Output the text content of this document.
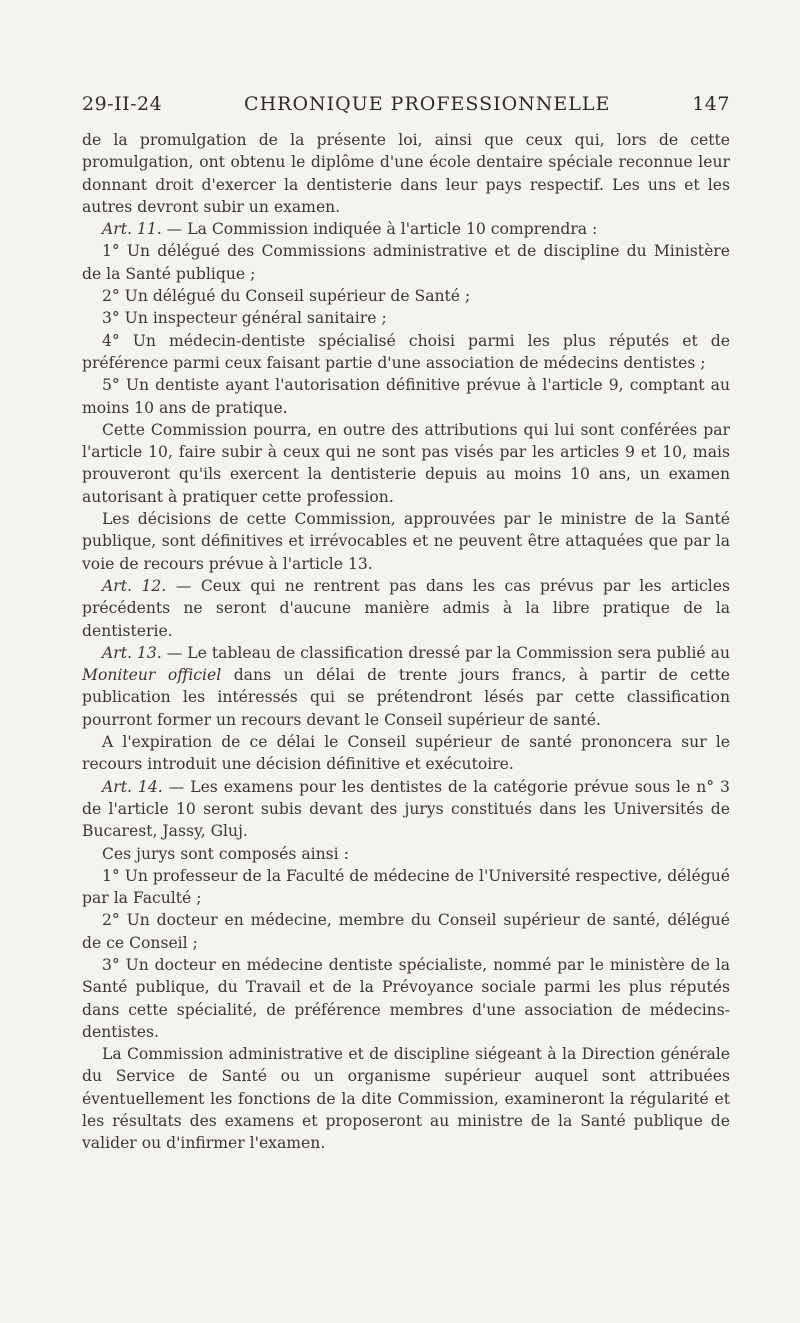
29-II-24	CHRONIQUE PROFESSIONNELLE	147

de la promulgation de la présente loi, ainsi que ceux qui, lors de cette promulgation, ont obtenu le diplôme d'une école dentaire spéciale reconnue leur donnant droit d'exercer la dentisterie dans leur pays respectif. Les uns et les autres devront subir un examen.

Art. 11. — La Commission indiquée à l'article 10 comprendra :

1° Un délégué des Commissions administrative et de discipline du Ministère de la Santé publique ;

2° Un délégué du Conseil supérieur de Santé ;

3° Un inspecteur général sanitaire ;

4° Un médecin-dentiste spécialisé choisi parmi les plus réputés et de préférence parmi ceux faisant partie d'une association de médecins dentistes ;

5° Un dentiste ayant l'autorisation définitive prévue à l'article 9, comptant au moins 10 ans de pratique.

Cette Commission pourra, en outre des attributions qui lui sont conférées par l'article 10, faire subir à ceux qui ne sont pas visés par les articles 9 et 10, mais prouveront qu'ils exercent la dentisterie depuis au moins 10 ans, un examen autorisant à pratiquer cette profession.

Les décisions de cette Commission, approuvées par le ministre de la Santé publique, sont définitives et irrévocables et ne peuvent être attaquées que par la voie de recours prévue à l'article 13.

Art. 12. — Ceux qui ne rentrent pas dans les cas prévus par les articles précédents ne seront d'aucune manière admis à la libre pratique de la dentisterie.

Art. 13. — Le tableau de classification dressé par la Commission sera publié au Moniteur officiel dans un délai de trente jours francs, à partir de cette publication les intéressés qui se prétendront lésés par cette classification pourront former un recours devant le Conseil supérieur de santé.

A l'expiration de ce délai le Conseil supérieur de santé prononcera sur le recours introduit une décision définitive et exécutoire.

Art. 14. — Les examens pour les dentistes de la catégorie prévue sous le n° 3 de l'article 10 seront subis devant des jurys constitués dans les Universités de Bucarest, Jassy, Gluj.

Ces jurys sont composés ainsi :

1° Un professeur de la Faculté de médecine de l'Université respective, délégué par la Faculté ;

2° Un docteur en médecine, membre du Conseil supérieur de santé, délégué de ce Conseil ;

3° Un docteur en médecine dentiste spécialiste, nommé par le ministère de la Santé publique, du Travail et de la Prévoyance sociale parmi les plus réputés dans cette spécialité, de préférence membres d'une association de médecins-dentistes.

La Commission administrative et de discipline siégeant à la Direction générale du Service de Santé ou un organisme supérieur auquel sont attribuées éventuellement les fonctions de la dite Commission, examineront la régularité et les résultats des examens et proposeront au ministre de la Santé publique de valider ou d'infirmer l'examen.
